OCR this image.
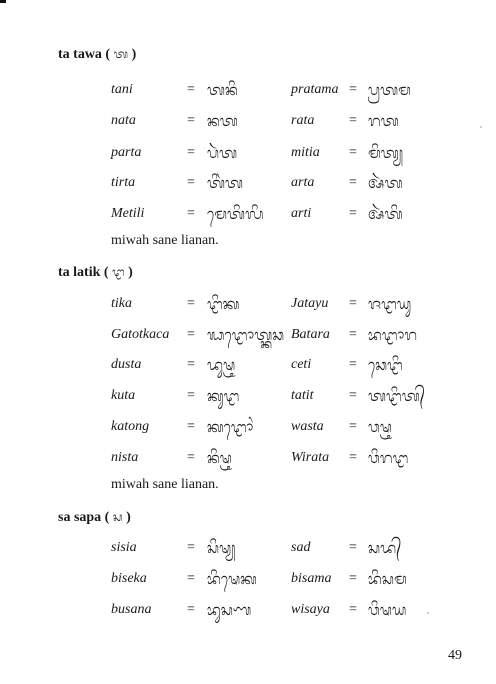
ta tawa ( ᬢ )
tani	= ᬢᬦᬶ	pratama = ᬧ᭄ᬭᬢᬫ
nata	= ᬦᬢ	rata = ᬭᬢ
parta	= ᬧᬃᬢ	mitia = ᬫᬶᬢ᭄ᬬ
tirta	= ᬢᬶᬃᬢ	arta = ᬅᬃᬢ
Metili	= ᬫᬾᬢᬶᬮᬶ arti	= ᬅᬃᬢᬶ
miwah sane lianan.
ta latik ( ᬝ )
tika	= ᬝᬶᬓ	Jatayu = ᬚᬝᬬᬸ
Gatotkaca = ᬖᬝᭀᬢ᭄ᬓᬘ Batara = ᬪᬝᬵᬭ
dusta	= ᬤᬸᬱ᭄ᬝ	ceti	= ᬘᬾᬝᬶ
kuta	= ᬓᬸᬝ	tatit	= ᬢᬝᬶᬢ᭄
katong	= ᬓᬝᭀᬂ	wasta = ᬯᬱ᭄ᬝ
nista	= ᬦᬶᬱ᭄ᬝ	Wirata = ᬯᬶᬭᬝ
miwah sane lianan.
sa sapa ( ᬲ )
sisia	= ᬲᬶᬱ᭄ᬬ	sad	= ᬲᬤ᭄
biseka	= ᬪᬶᬱᬾᬓ bisama = ᬪᬶᬲᬫ
busana	= ᬪᬸᬲᬡ	wisaya = ᬯᬶᬱᬬ
49
